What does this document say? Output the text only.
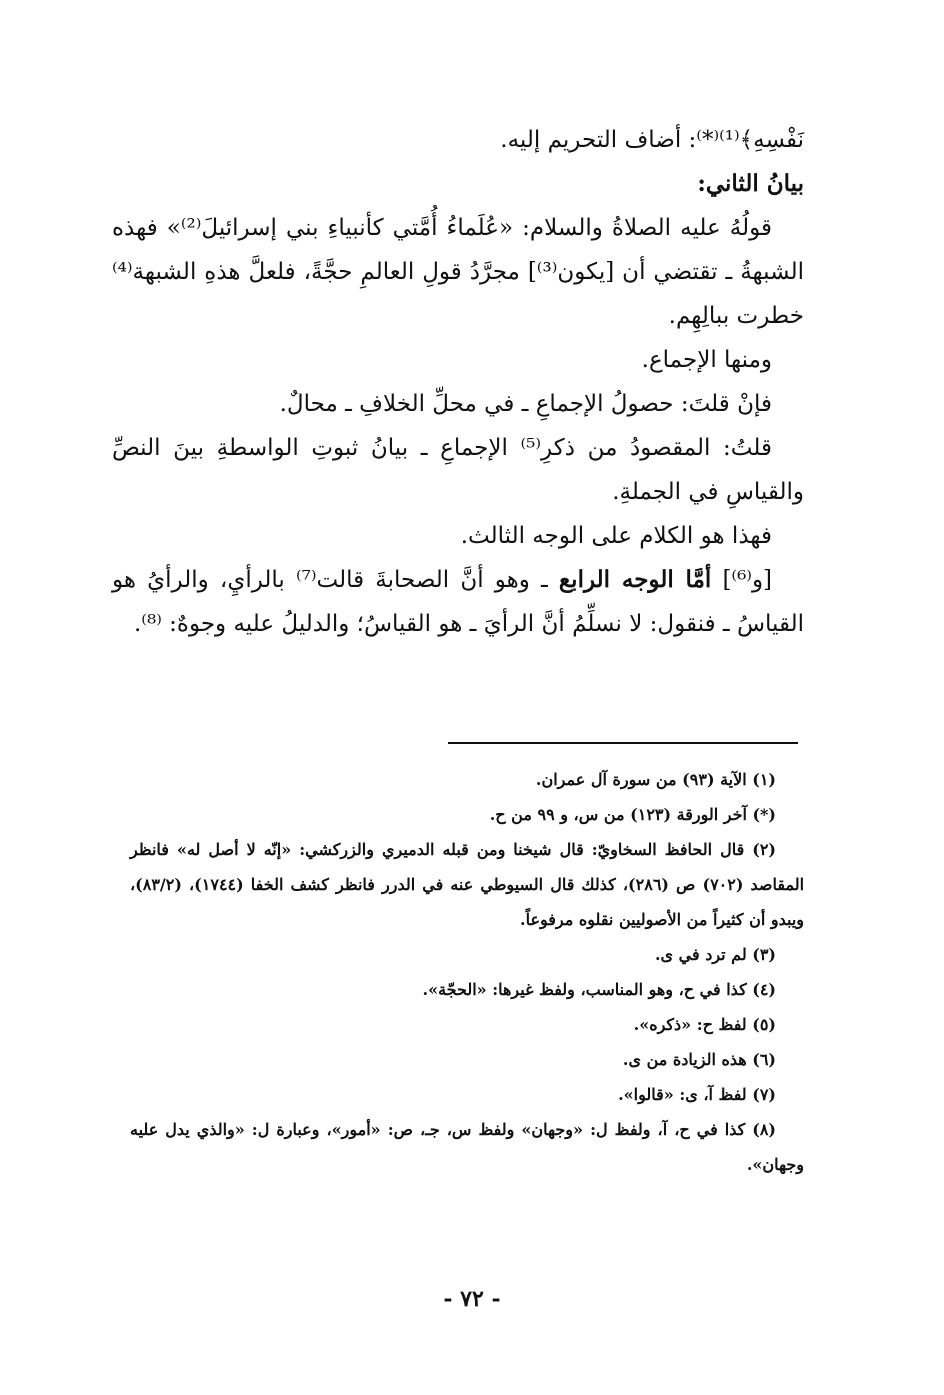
نَفْسِهِ﴾⁽¹⁾⁽*⁾: أضاف التحريم إليه.

بيانُ الثاني:

قولُهُ عليه الصلاةُ والسلام: «عُلَماءُ أُمَّتي كأنبياءِ بني إسرائيلَ⁽²⁾» فهذه الشبهةُ ـ تقتضي أن [يكون⁽³⁾] مجرَّدُ قولِ العالمِ حجَّةً، فلعلَّ هذهِ الشبهة⁽⁴⁾ خطرت ببالِهِم.

ومنها الإجماع.

فإنْ قلتَ: حصولُ الإجماعِ ـ في محلِّ الخلافِ ـ محالٌ.

قلتُ: المقصودُ من ذكرِ⁽⁵⁾ الإجماعِ ـ بيانُ ثبوتِ الواسطةِ بينَ النصِّ والقياسِ في الجملةِ.

فهذا هو الكلام على الوجه الثالث.

[و⁽⁶⁾] أمَّا الوجه الرابع ـ وهو أنَّ الصحابةَ قالت⁽⁷⁾ بالرأيِ، والرأيُ هو القياسُ ـ فنقول: لا نسلِّمُ أنَّ الرأيَ ـ هو القياسُ؛ والدليلُ عليه وجوهٌ: ⁽⁸⁾.

(١) الآية (٩٣) من سورة آل عمران.

(*) آخر الورقة (١٢٣) من س، و ٩٩ من ح.

(٢) قال الحافظ السخاويّ: قال شيخنا ومن قبله الدميري والزركشي: «إنّه لا أصل له» فانظر المقاصد (٧٠٢) ص (٢٨٦)، كذلك قال السيوطي عنه في الدرر فانظر كشف الخفا (١٧٤٤)، (٨٣/٢)، ويبدو أن كثيراً من الأصوليين نقلوه مرفوعاً.

(٣) لم ترد في ى.

(٤) كذا في ح، وهو المناسب، ولفظ غيرها: «الحجّة».

(٥) لفظ ح: «ذكره».

(٦) هذه الزيادة من ى.

(٧) لفظ آ، ى: «قالوا».

(٨) كذا في ح، آ، ولفظ ل: «وجهان» ولفظ س، جـ، ص: «أمور»، وعبارة ل: «والذي يدل عليه وجهان».

- ٧٢ -
